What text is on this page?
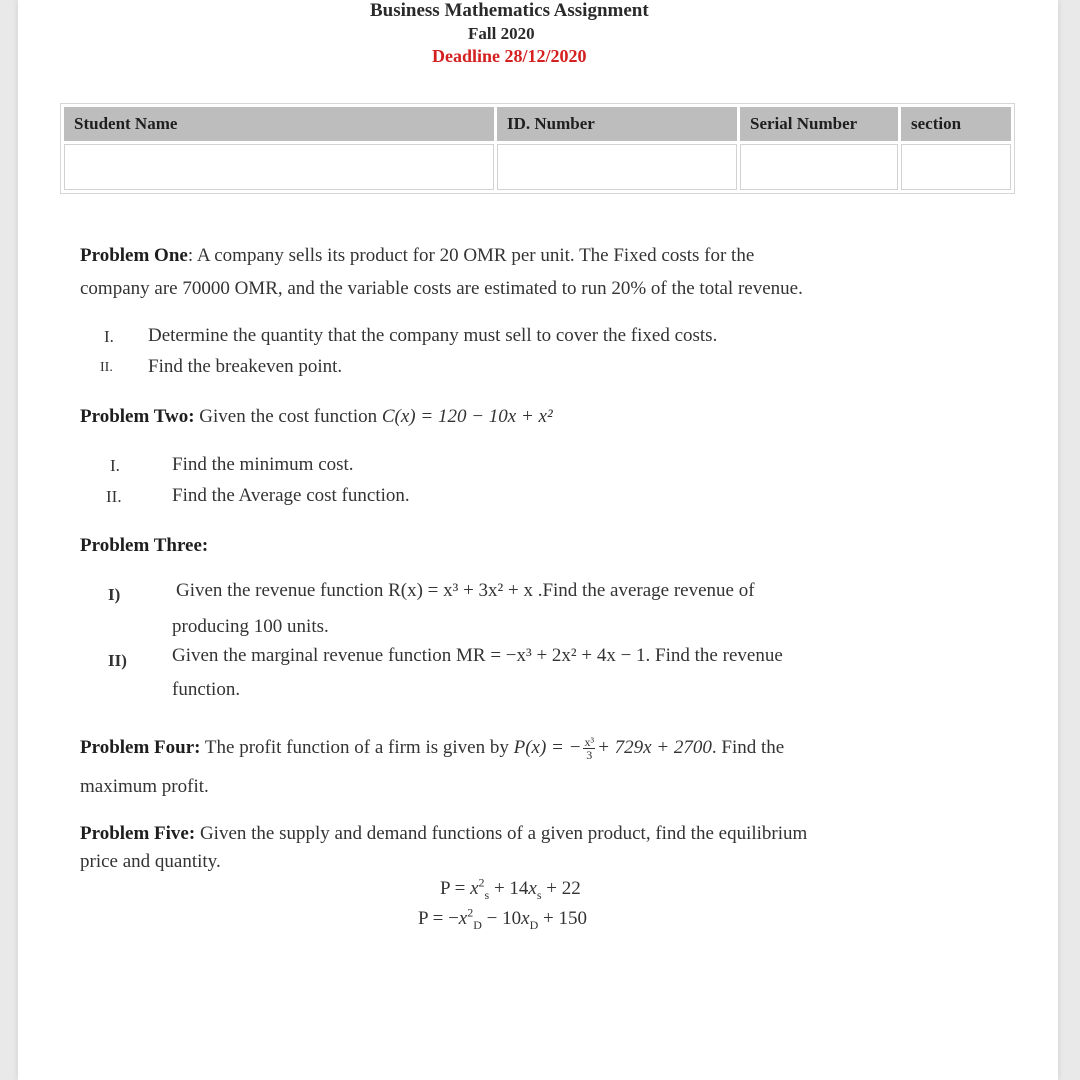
Business Mathematics Assignment
Fall 2020
Deadline 28/12/2020
Student Name	ID. Number	Serial Number	section

Problem One: A company sells its product for 20 OMR per unit. The Fixed costs for the
company are 70000 OMR, and the variable costs are estimated to run 20% of the total revenue.
I. Determine the quantity that the company must sell to cover the fixed costs.
II. Find the breakeven point.
Problem Two: Given the cost function C(x) = 120 − 10x + x²
I.	Find the minimum cost.
II.	Find the Average cost function.
Problem Three:
I)	Given the revenue function R(x) = x³ + 3x² + x .Find the average revenue of
producing 100 units.
II) Given the marginal revenue function MR = −x³ + 2x² + 4x − 1. Find the revenue
function.
Problem Four: The profit function of a firm is given by P(x) = − $\frac{\text{x³}}{3} + 729x + 2700$. Find the
maximum profit.
Problem Five: Given the supply and demand functions of a given product, find the equilibrium
price and quantity.
$P = x^2_s + 14x_s + 22$
$P = -x^2_D - 10x_D + 150$
